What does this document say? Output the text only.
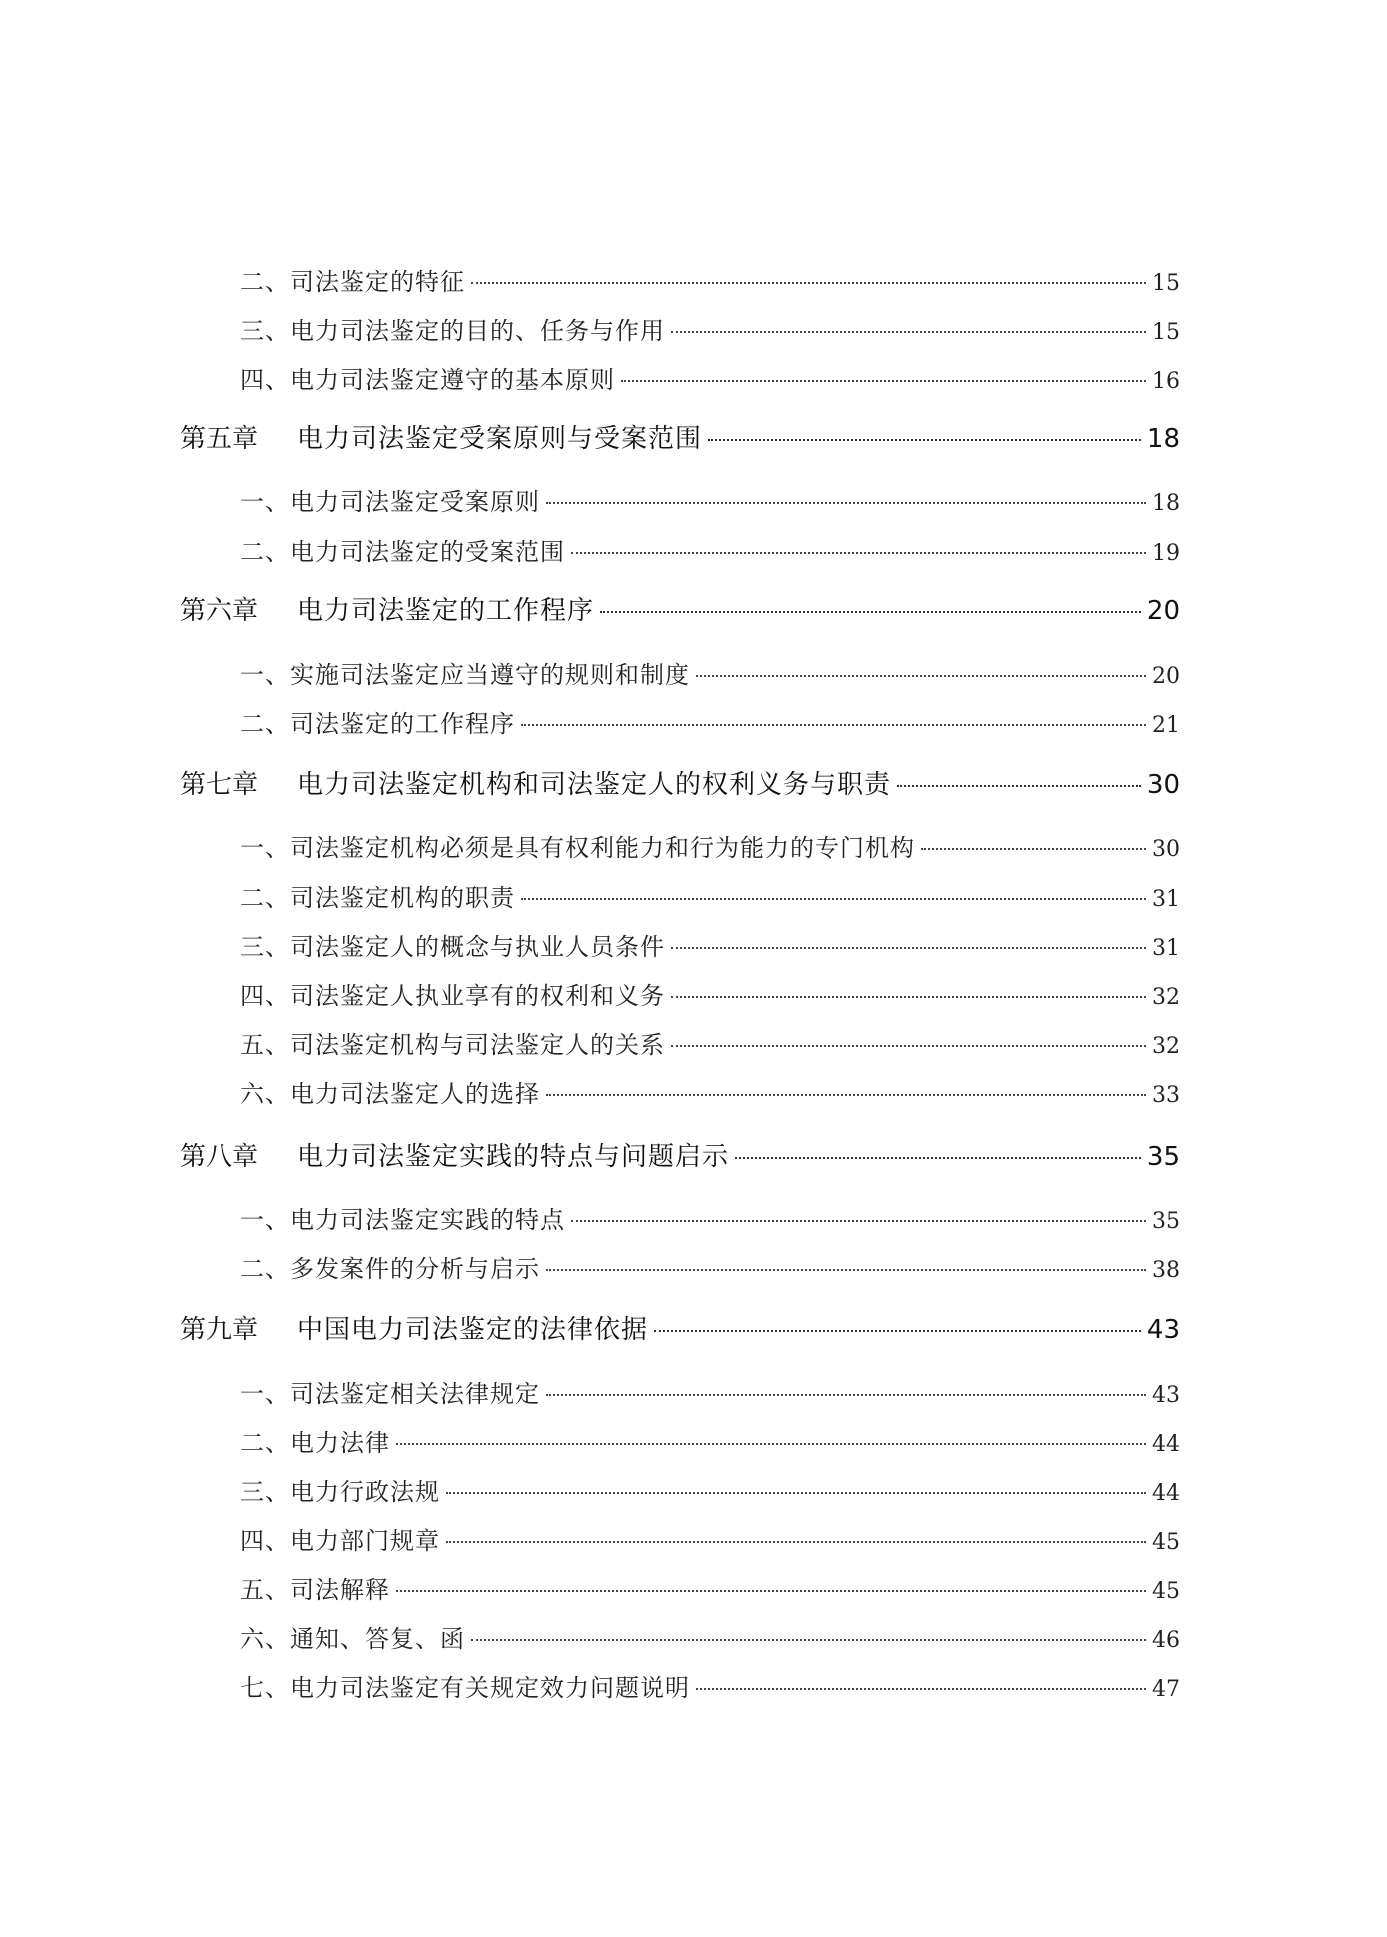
二、司法鉴定的特征	15
三、电力司法鉴定的目的、任务与作用	15
四、电力司法鉴定遵守的基本原则	16
第五章	电力司法鉴定受案原则与受案范围	18
一、电力司法鉴定受案原则	18
二、电力司法鉴定的受案范围	19
第六章	电力司法鉴定的工作程序	20
一、实施司法鉴定应当遵守的规则和制度	20
二、司法鉴定的工作程序	21
第七章	电力司法鉴定机构和司法鉴定人的权利义务与职责	30
一、司法鉴定机构必须是具有权利能力和行为能力的专门机构	30
二、司法鉴定机构的职责	31
三、司法鉴定人的概念与执业人员条件	31
四、司法鉴定人执业享有的权利和义务	32
五、司法鉴定机构与司法鉴定人的关系	32
六、电力司法鉴定人的选择	33
第八章	电力司法鉴定实践的特点与问题启示	35
一、电力司法鉴定实践的特点	35
二、多发案件的分析与启示	38
第九章	中国电力司法鉴定的法律依据	43
一、司法鉴定相关法律规定	43
二、电力法律	44
三、电力行政法规	44
四、电力部门规章	45
五、司法解释	45
六、通知、答复、函	46
七、电力司法鉴定有关规定效力问题说明	47
